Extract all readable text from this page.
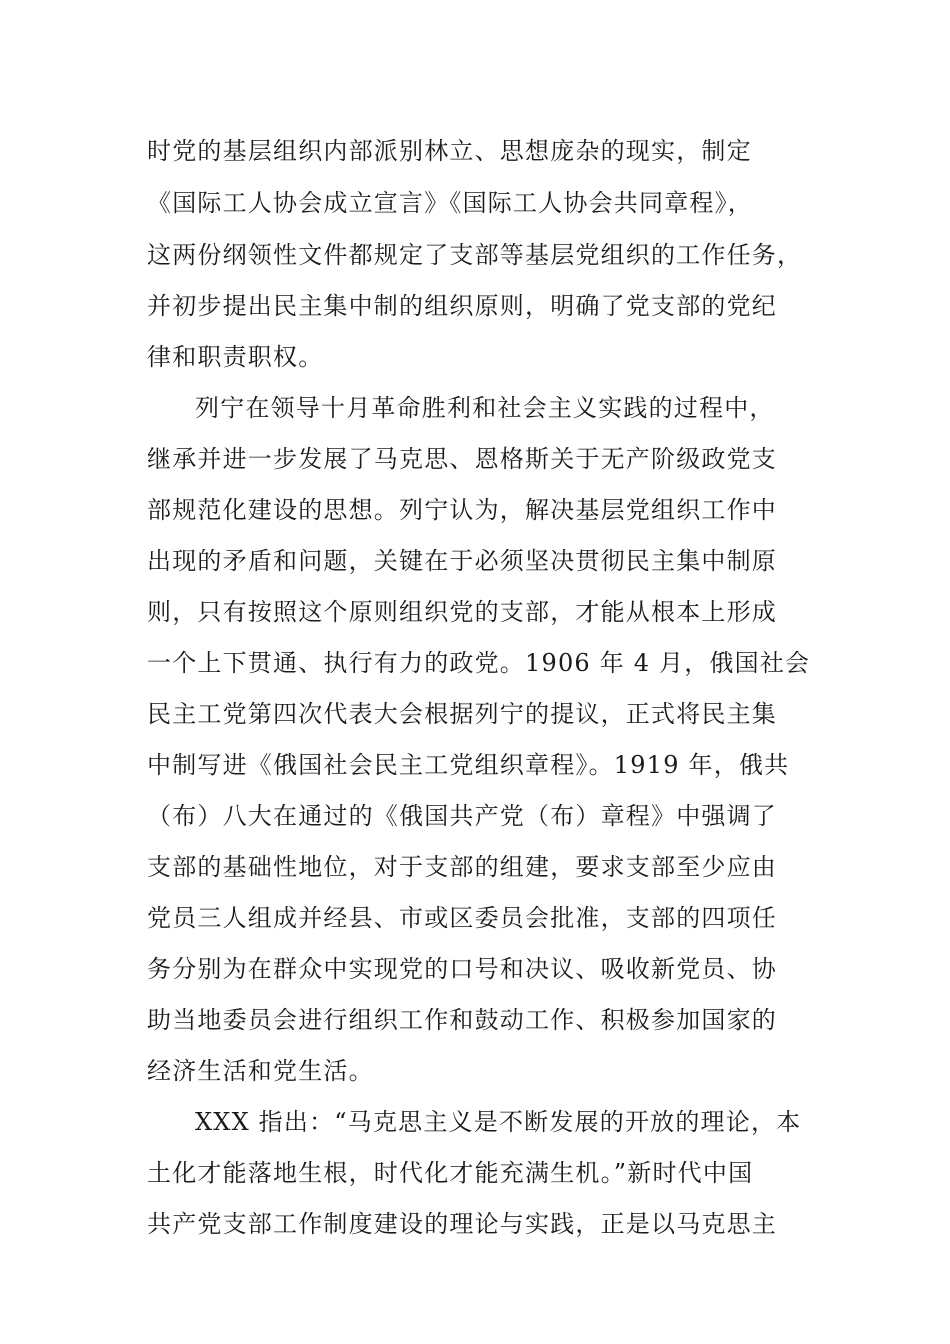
时党的基层组织内部派别林立、思想庞杂的现实，制定
《国际工人协会成立宣言》《国际工人协会共同章程》，
这两份纲领性文件都规定了支部等基层党组织的工作任务，
并初步提出民主集中制的组织原则，明确了党支部的党纪
律和职责职权。
列宁在领导十月革命胜利和社会主义实践的过程中，
继承并进一步发展了马克思、恩格斯关于无产阶级政党支
部规范化建设的思想。列宁认为，解决基层党组织工作中
出现的矛盾和问题，关键在于必须坚决贯彻民主集中制原
则，只有按照这个原则组织党的支部，才能从根本上形成
一个上下贯通、执行有力的政党。1906 年 4 月，俄国社会
民主工党第四次代表大会根据列宁的提议，正式将民主集
中制写进《俄国社会民主工党组织章程》。1919 年，俄共
（布）八大在通过的《俄国共产党（布）章程》中强调了
支部的基础性地位，对于支部的组建，要求支部至少应由
党员三人组成并经县、市或区委员会批准，支部的四项任
务分别为在群众中实现党的口号和决议、吸收新党员、协
助当地委员会进行组织工作和鼓动工作、积极参加国家的
经济生活和党生活。
XXX 指出：“马克思主义是不断发展的开放的理论，本
土化才能落地生根，时代化才能充满生机。”新时代中国
共产党支部工作制度建设的理论与实践，正是以马克思主
